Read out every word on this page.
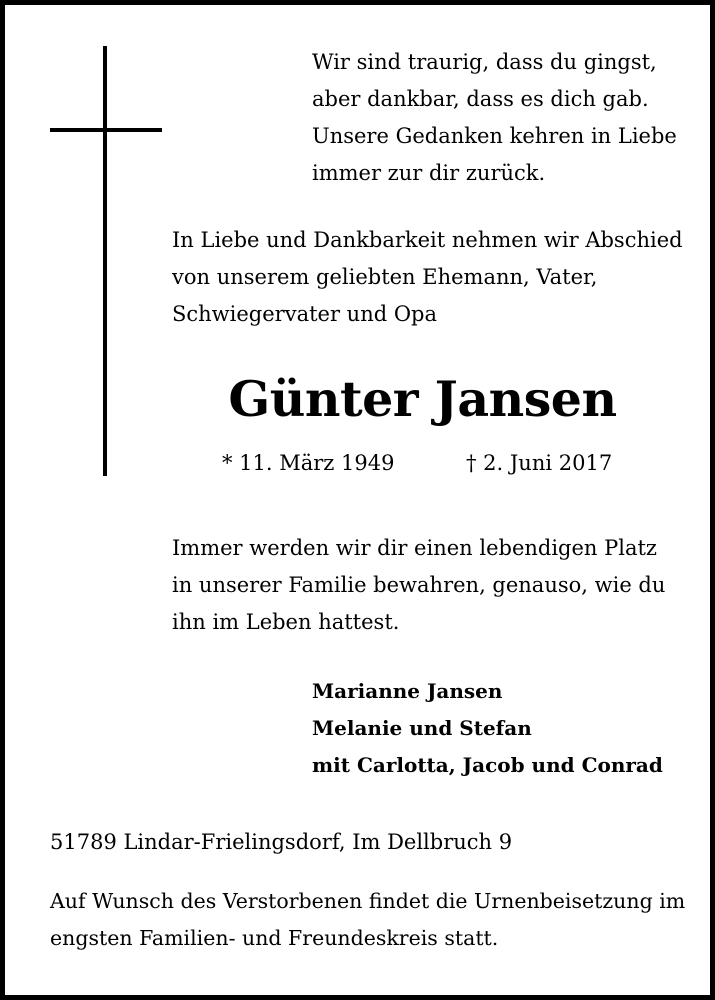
Wir sind traurig, dass du gingst,
aber dankbar, dass es dich gab.
Unsere Gedanken kehren in Liebe
immer zur dir zurück.
In Liebe und Dankbarkeit nehmen wir Abschied
von unserem geliebten Ehemann, Vater,
Schwiegervater und Opa
Günter Jansen
* 11. März 1949	† 2. Juni 2017
Immer werden wir dir einen lebendigen Platz
in unserer Familie bewahren, genauso, wie du
ihn im Leben hattest.
Marianne Jansen
Melanie und Stefan
mit Carlotta, Jacob und Conrad
51789 Lindar-Frielingsdorf, Im Dellbruch 9
Auf Wunsch des Verstorbenen findet die Urnenbeisetzung im
engsten Familien- und Freundeskreis statt.
